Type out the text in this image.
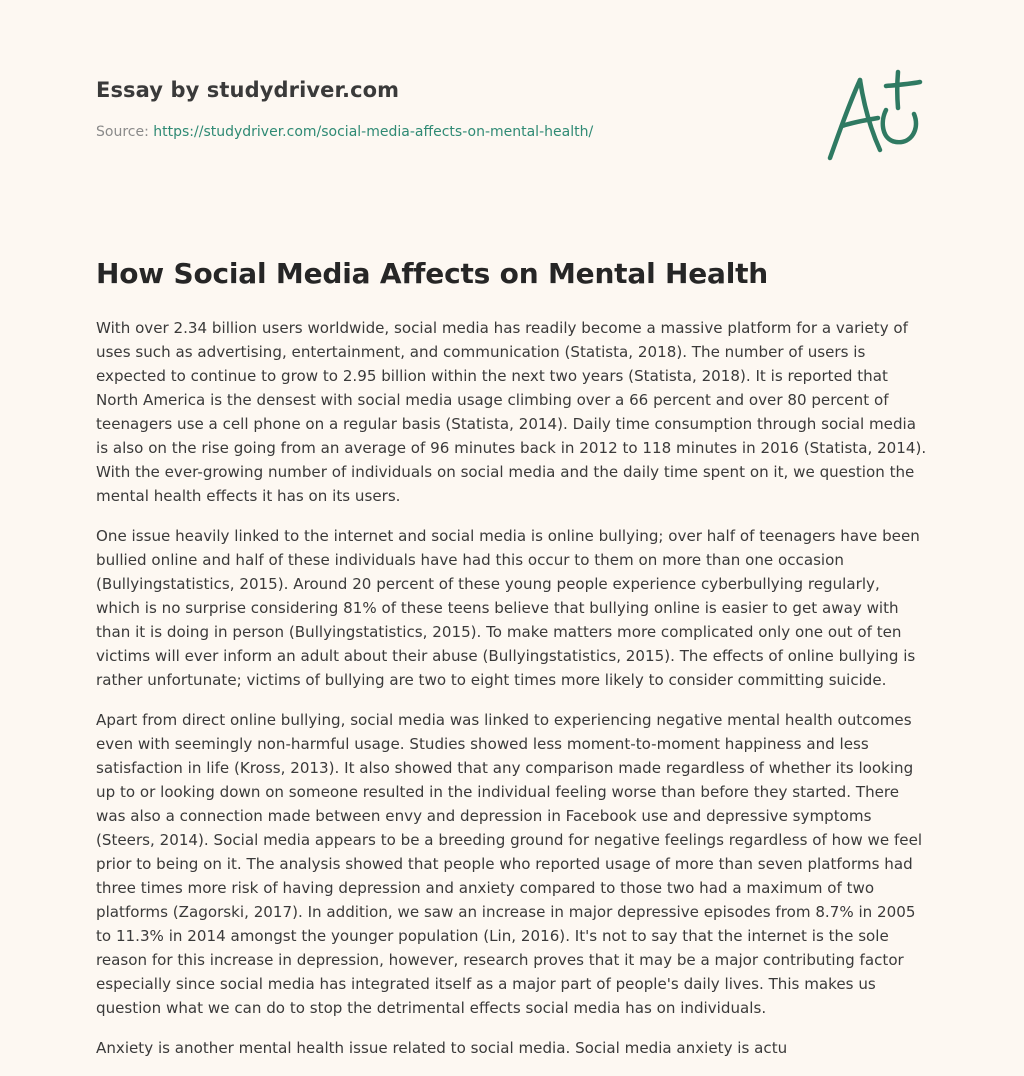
Essay by studydriver.com
Source: https://studydriver.com/social-media-affects-on-mental-health/
How Social Media Affects on Mental Health

With over 2.34 billion users worldwide, social media has readily become a massive platform for a variety of uses such as advertising, entertainment, and communication (Statista, 2018). The number of users is expected to continue to grow to 2.95 billion within the next two years (Statista, 2018). It is reported that North America is the densest with social media usage climbing over a 66 percent and over 80 percent of teenagers use a cell phone on a regular basis (Statista, 2014). Daily time consumption through social media is also on the rise going from an average of 96 minutes back in 2012 to 118 minutes in 2016 (Statista, 2014). With the ever-growing number of individuals on social media and the daily time spent on it, we question the mental health effects it has on its users.

One issue heavily linked to the internet and social media is online bullying; over half of teenagers have been bullied online and half of these individuals have had this occur to them on more than one occasion (Bullyingstatistics, 2015). Around 20 percent of these young people experience cyberbullying regularly, which is no surprise considering 81% of these teens believe that bullying online is easier to get away with than it is doing in person (Bullyingstatistics, 2015). To make matters more complicated only one out of ten victims will ever inform an adult about their abuse (Bullyingstatistics, 2015). The effects of online bullying is rather unfortunate; victims of bullying are two to eight times more likely to consider committing suicide.

Apart from direct online bullying, social media was linked to experiencing negative mental health outcomes even with seemingly non-harmful usage. Studies showed less moment-to-moment happiness and less satisfaction in life (Kross, 2013). It also showed that any comparison made regardless of whether its looking up to or looking down on someone resulted in the individual feeling worse than before they started. There was also a connection made between envy and depression in Facebook use and depressive symptoms (Steers, 2014). Social media appears to be a breeding ground for negative feelings regardless of how we feel prior to being on it. The analysis showed that people who reported usage of more than seven platforms had three times more risk of having depression and anxiety compared to those two had a maximum of two platforms (Zagorski, 2017). In addition, we saw an increase in major depressive episodes from 8.7% in 2005 to 11.3% in 2014 amongst the younger population (Lin, 2016). It's not to say that the internet is the sole reason for this increase in depression, however, research proves that it may be a major contributing factor especially since social media has integrated itself as a major part of people's daily lives. This makes us question what we can do to stop the detrimental effects social media has on individuals.

Anxiety is another mental health issue related to social media. Social media anxiety is actu
